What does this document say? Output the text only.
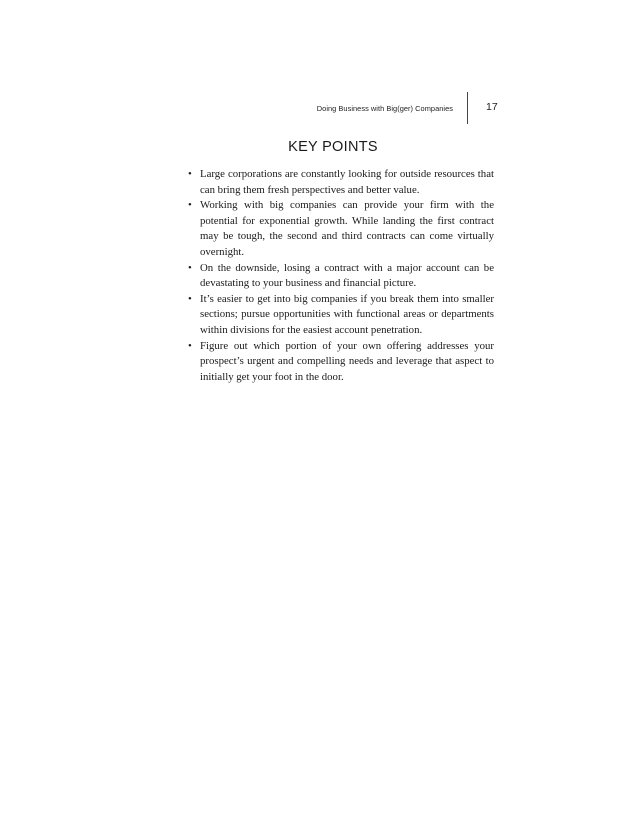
Doing Business with Big(ger) Companies	17
KEY POINTS
• Large corporations are constantly looking for outside resources that can bring them fresh perspectives and better value.
• Working with big companies can provide your firm with the potential for exponential growth. While landing the first contract may be tough, the second and third contracts can come virtually overnight.
• On the downside, losing a contract with a major account can be devastating to your business and financial picture.
• It’s easier to get into big companies if you break them into smaller sections; pursue opportunities with functional areas or departments within divisions for the easiest account penetration.
• Figure out which portion of your own offering addresses your prospect’s urgent and compelling needs and leverage that aspect to initially get your foot in the door.
